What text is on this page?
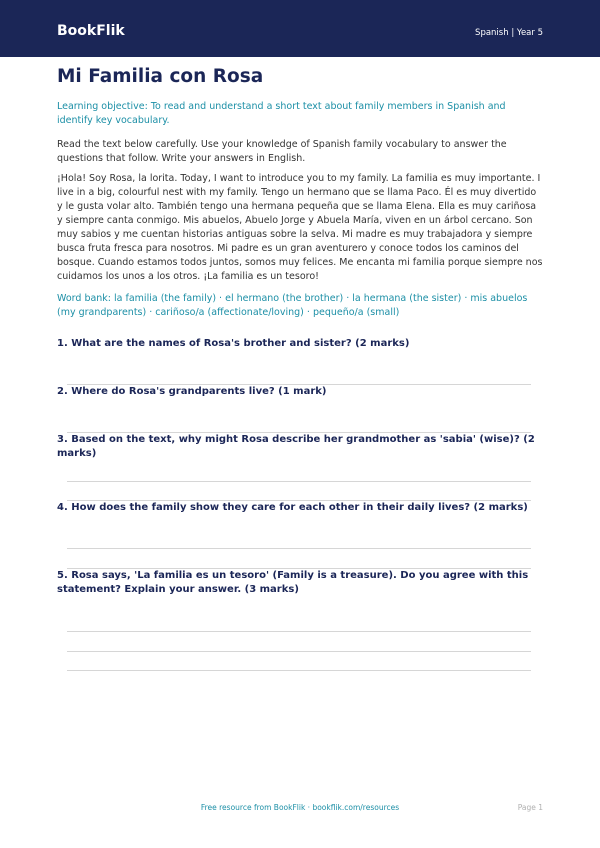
BookFlik	Spanish | Year 5
Mi Familia con Rosa
Learning objective: To read and understand a short text about family members in Spanish and identify key vocabulary.
Read the text below carefully. Use your knowledge of Spanish family vocabulary to answer the questions that follow. Write your answers in English.
¡Hola! Soy Rosa, la lorita. Today, I want to introduce you to my family. La familia es muy importante. I live in a big, colourful nest with my family. Tengo un hermano que se llama Paco. Él es muy divertido y le gusta volar alto. También tengo una hermana pequeña que se llama Elena. Ella es muy cariñosa y siempre canta conmigo. Mis abuelos, Abuelo Jorge y Abuela María, viven en un árbol cercano. Son muy sabios y me cuentan historias antiguas sobre la selva. Mi madre es muy trabajadora y siempre busca fruta fresca para nosotros. Mi padre es un gran aventurero y conoce todos los caminos del bosque. Cuando estamos todos juntos, somos muy felices. Me encanta mi familia porque siempre nos cuidamos los unos a los otros. ¡La familia es un tesoro!
Word bank: la familia (the family) · el hermano (the brother) · la hermana (the sister) · mis abuelos (my grandparents) · cariñoso/a (affectionate/loving) · pequeño/a (small)
1. What are the names of Rosa's brother and sister? (2 marks)
2. Where do Rosa's grandparents live? (1 mark)
3. Based on the text, why might Rosa describe her grandmother as 'sabia' (wise)? (2 marks)
4. How does the family show they care for each other in their daily lives? (2 marks)
5. Rosa says, 'La familia es un tesoro' (Family is a treasure). Do you agree with this statement? Explain your answer. (3 marks)
Free resource from BookFlik · bookflik.com/resources	Page 1
